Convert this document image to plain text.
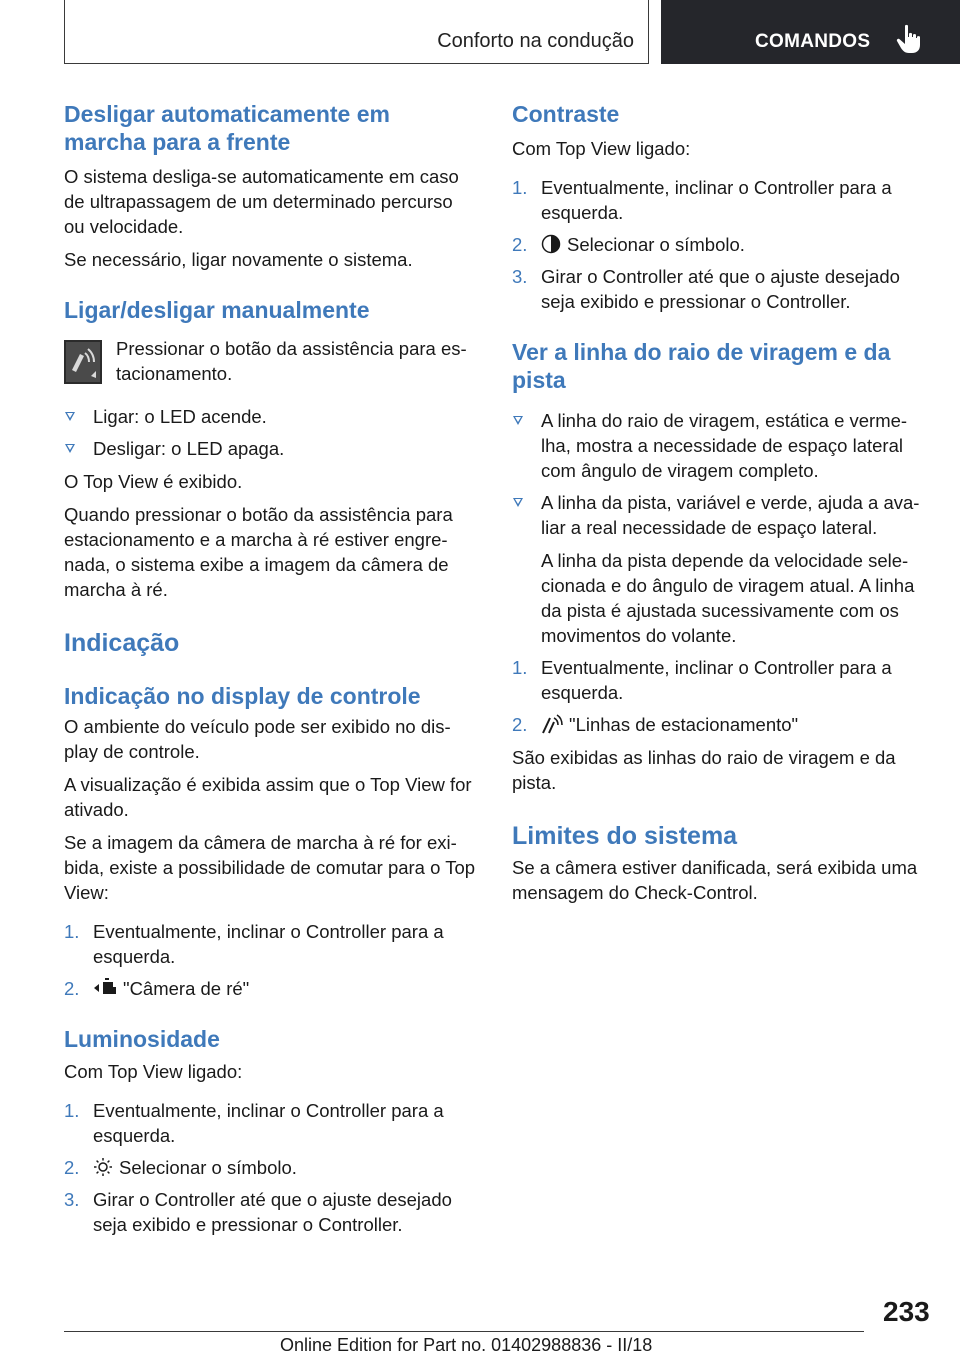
Conforto na condução	COMANDOS
Desligar automaticamente em marcha para a frente
O sistema desliga-se automaticamente em caso de ultrapassagem de um determinado percurso ou velocidade.
Se necessário, ligar novamente o sistema.
Ligar/desligar manualmente
Pressionar o botão da assistência para es-tacionamento.
Ligar: o LED acende.
Desligar: o LED apaga.
O Top View é exibido.
Quando pressionar o botão da assistência para estacionamento e a marcha à ré estiver engre-nada, o sistema exibe a imagem da câmera de marcha à ré.
Indicação
Indicação no display de controle
O ambiente do veículo pode ser exibido no dis-play de controle.
A visualização é exibida assim que o Top View for ativado.
Se a imagem da câmera de marcha à ré for exi-bida, existe a possibilidade de comutar para o Top View:
1. Eventualmente, inclinar o Controller para a esquerda.
2. "Câmera de ré"
Luminosidade
Com Top View ligado:
1. Eventualmente, inclinar o Controller para a esquerda.
2. Selecionar o símbolo.
3. Girar o Controller até que o ajuste desejado seja exibido e pressionar o Controller.
Contraste
Com Top View ligado:
1. Eventualmente, inclinar o Controller para a esquerda.
2. Selecionar o símbolo.
3. Girar o Controller até que o ajuste desejado seja exibido e pressionar o Controller.
Ver a linha do raio de viragem e da pista
A linha do raio de viragem, estática e verme-lha, mostra a necessidade de espaço lateral com ângulo de viragem completo.
A linha da pista, variável e verde, ajuda a ava-liar a real necessidade de espaço lateral.
A linha da pista depende da velocidade sele-cionada e do ângulo de viragem atual. A linha da pista é ajustada sucessivamente com os movimentos do volante.
1. Eventualmente, inclinar o Controller para a esquerda.
2. "Linhas de estacionamento"
São exibidas as linhas do raio de viragem e da pista.
Limites do sistema
Se a câmera estiver danificada, será exibida uma mensagem do Check-Control.
233
Online Edition for Part no. 01402988836 - II/18
